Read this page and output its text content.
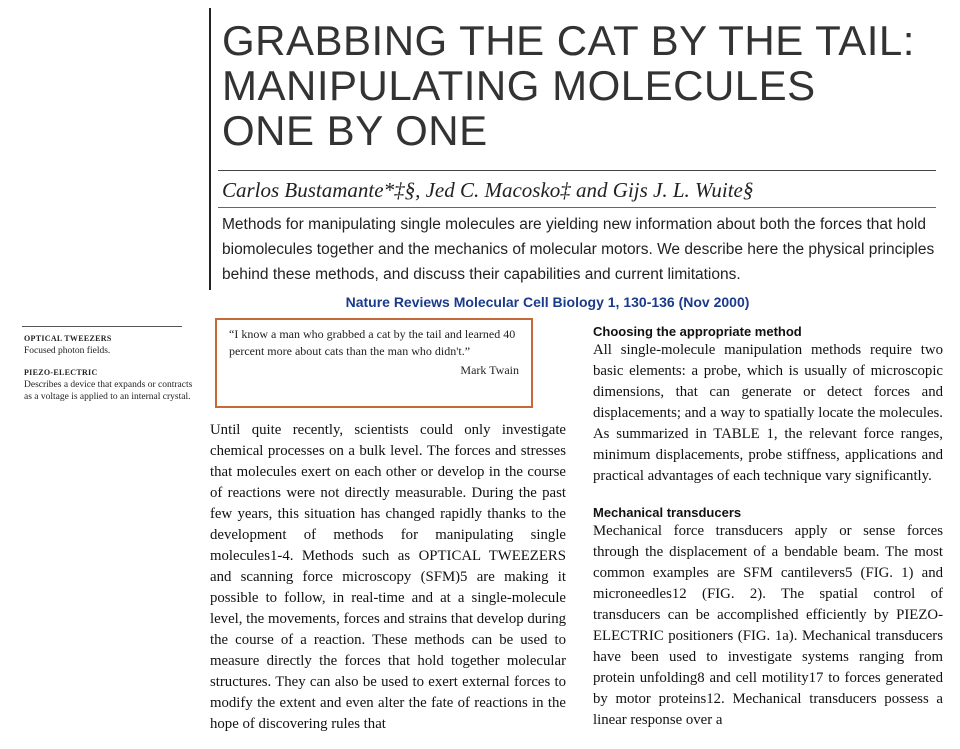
GRABBING THE CAT BY THE TAIL:
MANIPULATING MOLECULES
ONE BY ONE
Carlos Bustamante*‡§, Jed C. Macosko‡ and Gijs J. L. Wuite§

Methods for manipulating single molecules are yielding new information about both the forces that hold biomolecules together and the mechanics of molecular motors. We describe here the physical principles behind these methods, and discuss their capabilities and current limitations.

Nature Reviews Molecular Cell Biology 1, 130-136 (Nov 2000)
OPTICAL TWEEZERS
Focused photon fields.
PIEZO-ELECTRIC
Describes a device that expands or contracts as a voltage is applied to an internal crystal.
“I know a man who grabbed a cat by the tail and learned 40 percent more about cats than the man who didn't.”
Mark Twain

Until quite recently, scientists could only investigate chemical processes on a bulk level. The forces and stresses that molecules exert on each other or develop in the course of reactions were not directly measurable. During the past few years, this situation has changed rapidly thanks to the development of methods for manipulating single molecules1-4. Methods such as OPTICAL TWEEZERS and scanning force microscopy (SFM)5 are making it possible to follow, in real-time and at a single-molecule level, the movements, forces and strains that develop during the course of a reaction. These methods can be used to measure directly the forces that hold together molecular structures. They can also be used to exert external forces to modify the extent and even alter the fate of reactions in the hope of discovering rules that

Choosing the appropriate method

All single-molecule manipulation methods require two basic elements: a probe, which is usually of microscopic dimensions, that can generate or detect forces and displacements; and a way to spatially locate the molecules. As summarized in TABLE 1, the relevant force ranges, minimum displacements, probe stiffness, applications and practical advantages of each technique vary significantly.

Mechanical transducers

Mechanical force transducers apply or sense forces through the displacement of a bendable beam. The most common examples are SFM cantilevers5 (FIG. 1) and microneedles12 (FIG. 2). The spatial control of transducers can be accomplished efficiently by PIEZO-ELECTRIC positioners (FIG. 1a). Mechanical transducers have been used to investigate systems ranging from protein unfolding8 and cell motility17 to forces generated by motor proteins12. Mechanical transducers possess a linear response over a
